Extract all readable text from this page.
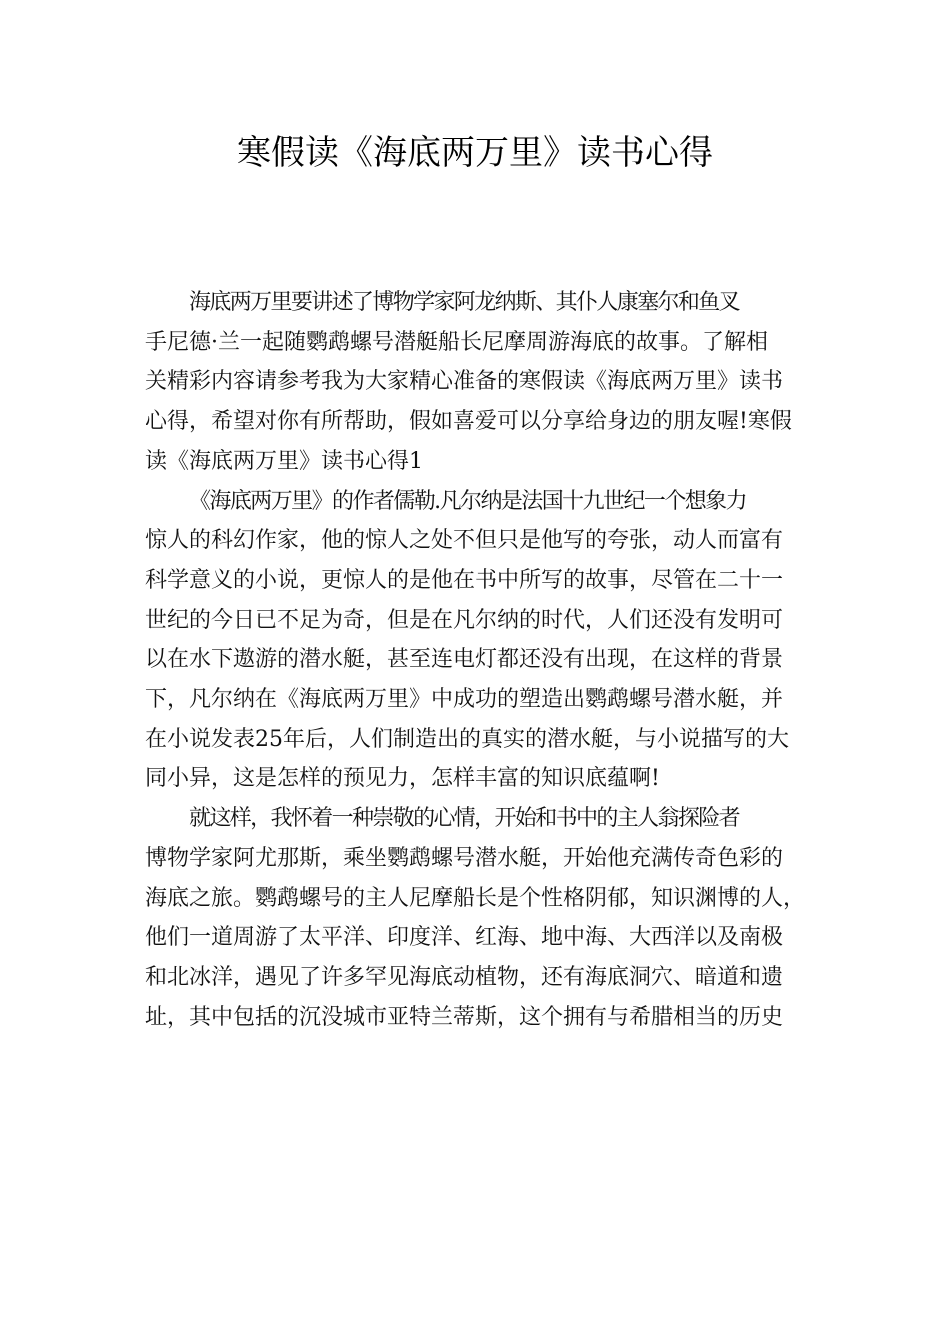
寒假读《海底两万里》读书心得

海底两万里要讲述了博物学家阿龙纳斯、其仆人康塞尔和鱼叉
手尼德·兰一起随鹦鹉螺号潜艇船长尼摩周游海底的故事。了解相
关精彩内容请参考我为大家精心准备的寒假读《海底两万里》读书
心得，希望对你有所帮助，假如喜爱可以分享给身边的朋友喔!寒假
读《海底两万里》读书心得1

《海底两万里》的作者儒勒.凡尔纳是法国十九世纪一个想象力
惊人的科幻作家，他的惊人之处不但只是他写的夸张，动人而富有
科学意义的小说，更惊人的是他在书中所写的故事，尽管在二十一
世纪的今日已不足为奇，但是在凡尔纳的时代，人们还没有发明可
以在水下遨游的潜水艇，甚至连电灯都还没有出现，在这样的背景
下，凡尔纳在《海底两万里》中成功的塑造出鹦鹉螺号潜水艇，并
在小说发表25年后，人们制造出的真实的潜水艇，与小说描写的大
同小异，这是怎样的预见力，怎样丰富的知识底蕴啊!

就这样，我怀着一种崇敬的心情，开始和书中的主人翁探险者
博物学家阿尤那斯，乘坐鹦鹉螺号潜水艇，开始他充满传奇色彩的
海底之旅。鹦鹉螺号的主人尼摩船长是个性格阴郁，知识渊博的人，
他们一道周游了太平洋、印度洋、红海、地中海、大西洋以及南极
和北冰洋，遇见了许多罕见海底动植物，还有海底洞穴、暗道和遗
址，其中包括的沉没城市亚特兰蒂斯，这个拥有与希腊相当的历史
